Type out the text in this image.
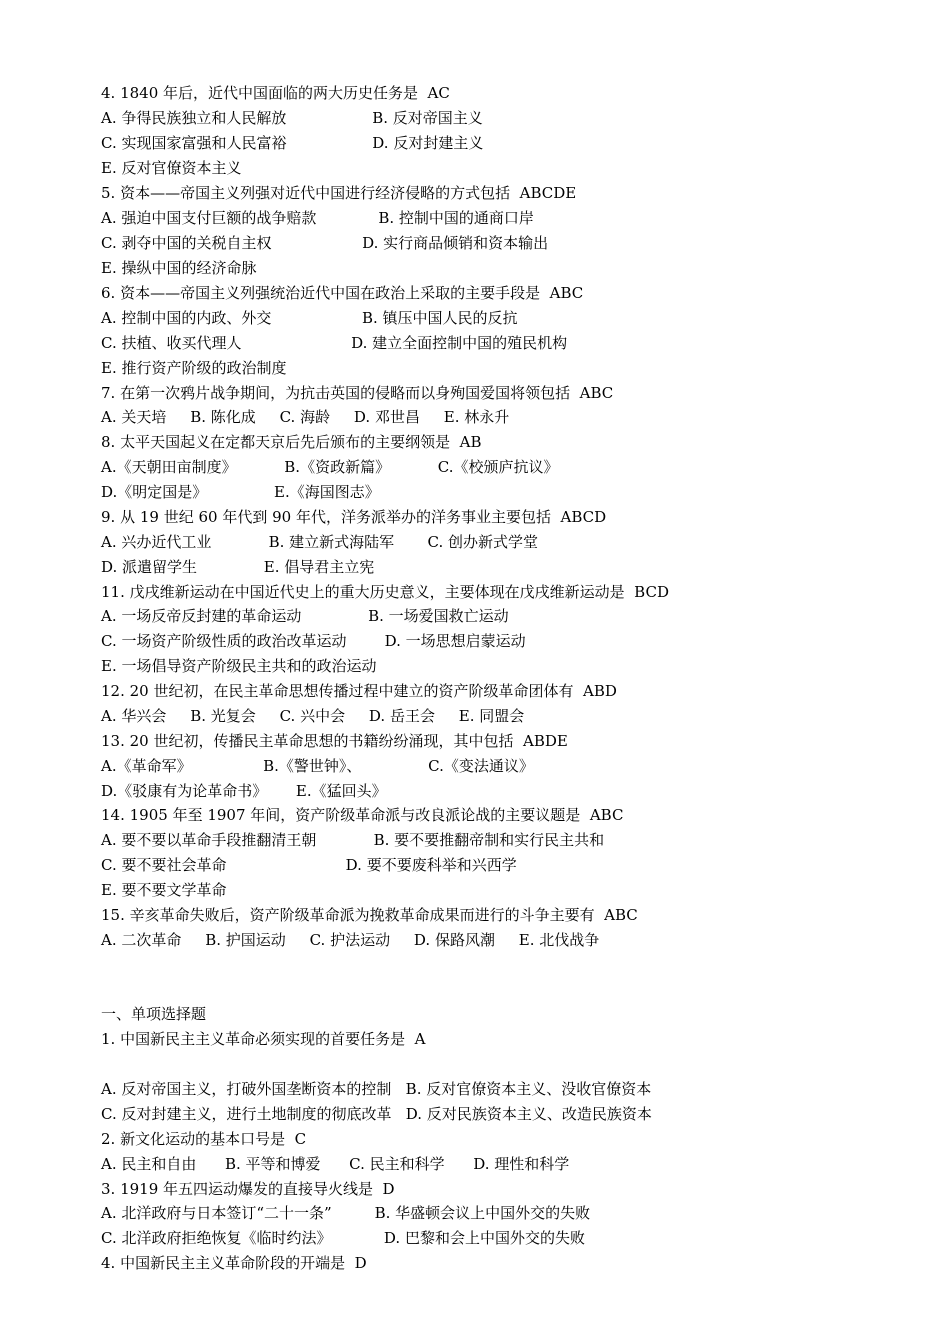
4. 1840 年后，近代中国面临的两大历史任务是  AC
A. 争得民族独立和人民解放                  B. 反对帝国主义
C. 实现国家富强和人民富裕                  D. 反对封建主义
E. 反对官僚资本主义
5. 资本——帝国主义列强对近代中国进行经济侵略的方式包括  ABCDE
A. 强迫中国支付巨额的战争赔款             B. 控制中国的通商口岸
C. 剥夺中国的关税自主权                   D. 实行商品倾销和资本输出
E. 操纵中国的经济命脉
6. 资本——帝国主义列强统治近代中国在政治上采取的主要手段是  ABC
A. 控制中国的内政、外交                   B. 镇压中国人民的反抗
C. 扶植、收买代理人                       D. 建立全面控制中国的殖民机构
E. 推行资产阶级的政治制度
7. 在第一次鸦片战争期间，为抗击英国的侵略而以身殉国爱国将领包括  ABC
A. 关天培     B. 陈化成     C. 海龄     D. 邓世昌     E. 林永升
8. 太平天国起义在定都天京后先后颁布的主要纲领是  AB
A.《天朝田亩制度》          B.《资政新篇》          C.《校颁庐抗议》
D.《明定国是》              E.《海国图志》
9. 从 19 世纪 60 年代到 90 年代，洋务派举办的洋务事业主要包括  ABCD
A. 兴办近代工业            B. 建立新式海陆军       C. 创办新式学堂
D. 派遣留学生              E. 倡导君主立宪
11. 戊戌维新运动在中国近代史上的重大历史意义，主要体现在戊戌维新运动是  BCD
A. 一场反帝反封建的革命运动              B. 一场爱国救亡运动
C. 一场资产阶级性质的政治改革运动        D. 一场思想启蒙运动
E. 一场倡导资产阶级民主共和的政治运动
12. 20 世纪初，在民主革命思想传播过程中建立的资产阶级革命团体有  ABD
A. 华兴会     B. 光复会     C. 兴中会     D. 岳王会     E. 同盟会
13. 20 世纪初，传播民主革命思想的书籍纷纷涌现，其中包括  ABDE
A.《革命军》               B.《警世钟》、              C.《变法通议》
D.《驳康有为论革命书》      E.《猛回头》
14. 1905 年至 1907 年间，资产阶级革命派与改良派论战的主要议题是  ABC
A. 要不要以革命手段推翻清王朝            B. 要不要推翻帝制和实行民主共和
C. 要不要社会革命                         D. 要不要废科举和兴西学
E. 要不要文学革命
15. 辛亥革命失败后，资产阶级革命派为挽救革命成果而进行的斗争主要有  ABC
A. 二次革命     B. 护国运动     C. 护法运动     D. 保路风潮     E. 北伐战争
一、单项选择题
1. 中国新民主主义革命必须实现的首要任务是  A
A. 反对帝国主义，打破外国垄断资本的控制   B. 反对官僚资本主义、没收官僚资本
C. 反对封建主义，进行土地制度的彻底改革   D. 反对民族资本主义、改造民族资本
2. 新文化运动的基本口号是  C
A. 民主和自由      B. 平等和博爱      C. 民主和科学      D. 理性和科学
3. 1919 年五四运动爆发的直接导火线是  D
A. 北洋政府与日本签订“二十一条”         B. 华盛顿会议上中国外交的失败
C. 北洋政府拒绝恢复《临时约法》           D. 巴黎和会上中国外交的失败
4. 中国新民主主义革命阶段的开端是  D
